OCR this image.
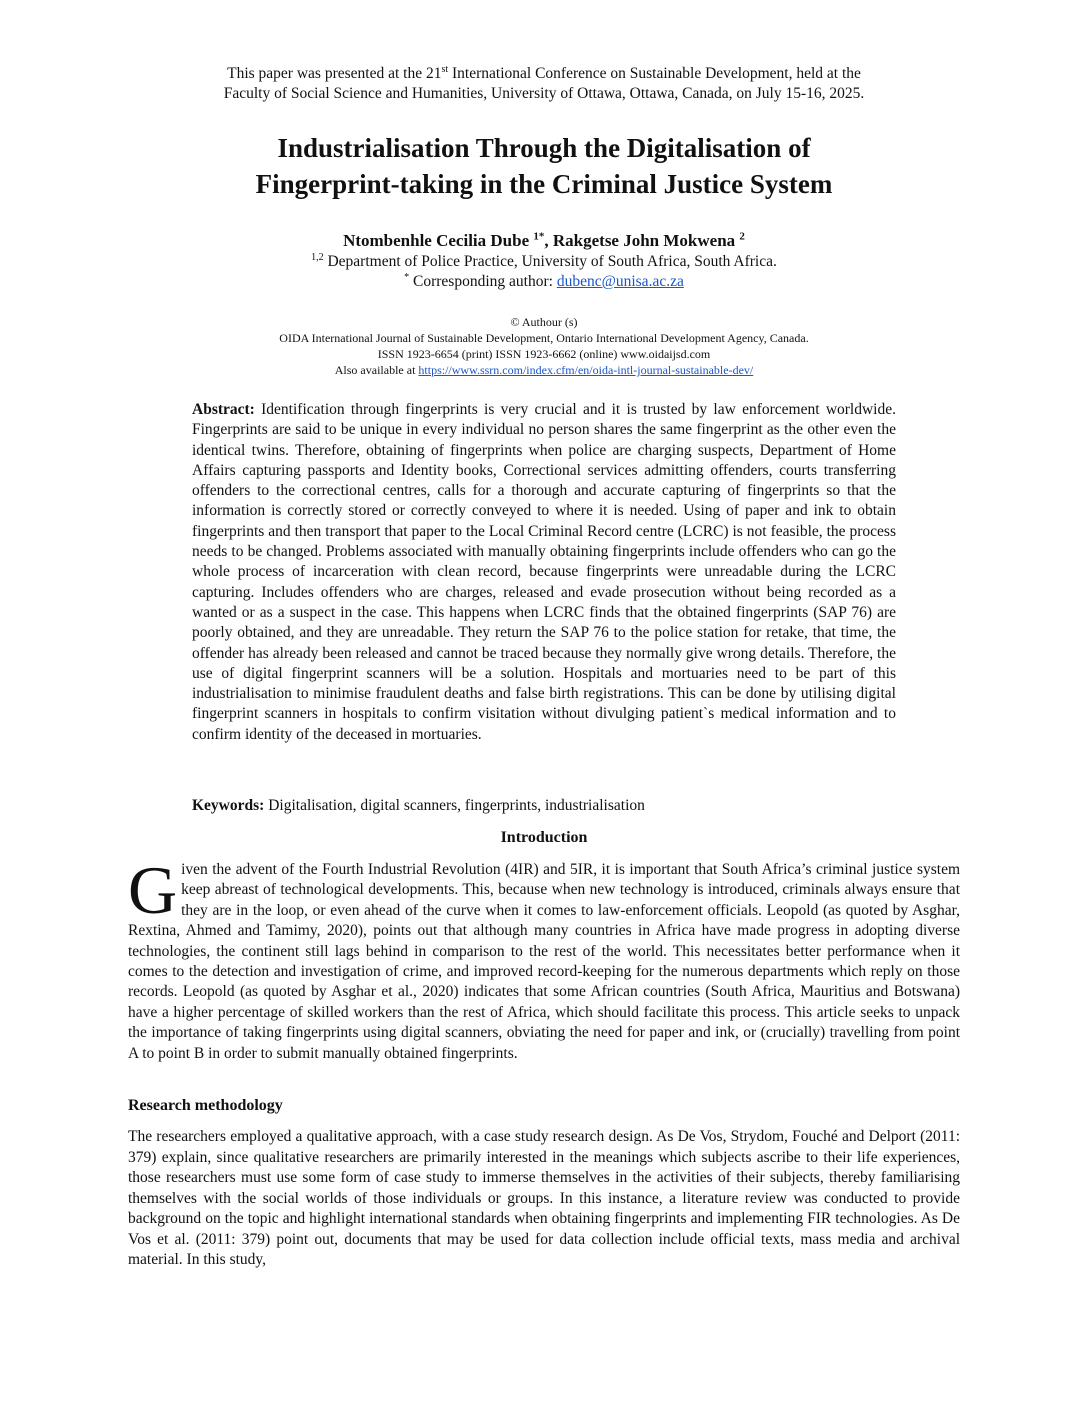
This paper was presented at the 21st International Conference on Sustainable Development, held at the
Faculty of Social Science and Humanities, University of Ottawa, Ottawa, Canada, on July 15-16, 2025.
Industrialisation Through the Digitalisation of
Fingerprint-taking in the Criminal Justice System
Ntombenhle Cecilia Dube $^{1*}$, Rakgetse John Mokwena $^2$
$^{1,2}$ Department of Police Practice, University of South Africa, South Africa.
* Corresponding author: dubenc@unisa.ac.za
© Authour (s)
OIDA International Journal of Sustainable Development, Ontario International Development Agency, Canada.
ISSN 1923-6654 (print) ISSN 1923-6662 (online) www.oidaijsd.com
Also available at https://www.ssrn.com/index.cfm/en/oida-intl-journal-sustainable-dev/

Abstract: Identification through fingerprints is very crucial and it is trusted by law enforcement worldwide. Fingerprints are said to be unique in every individual no person shares the same fingerprint as the other even the identical twins. Therefore, obtaining of fingerprints when police are charging suspects, Department of Home Affairs capturing passports and Identity books, Correctional services admitting offenders, courts transferring offenders to the correctional centres, calls for a thorough and accurate capturing of fingerprints so that the information is correctly stored or correctly conveyed to where it is needed. Using of paper and ink to obtain fingerprints and then transport that paper to the Local Criminal Record centre (LCRC) is not feasible, the process needs to be changed. Problems associated with manually obtaining fingerprints include offenders who can go the whole process of incarceration with clean record, because fingerprints were unreadable during the LCRC capturing. Includes offenders who are charges, released and evade prosecution without being recorded as a wanted or as a suspect in the case. This happens when LCRC finds that the obtained fingerprints (SAP 76) are poorly obtained, and they are unreadable. They return the SAP 76 to the police station for retake, that time, the offender has already been released and cannot be traced because they normally give wrong details. Therefore, the use of digital fingerprint scanners will be a solution. Hospitals and mortuaries need to be part of this industrialisation to minimise fraudulent deaths and false birth registrations. This can be done by utilising digital fingerprint scanners in hospitals to confirm visitation without divulging patient`s medical information and to confirm identity of the deceased in mortuaries.

Keywords: Digitalisation, digital scanners, fingerprints, industrialisation

Introduction

Given the advent of the Fourth Industrial Revolution (4IR) and 5IR, it is important that South Africa’s criminal justice system keep abreast of technological developments. This, because when new technology is introduced, criminals always ensure that they are in the loop, or even ahead of the curve when it comes to law-enforcement officials. Leopold (as quoted by Asghar, Rextina, Ahmed and Tamimy, 2020), points out that although many countries in Africa have made progress in adopting diverse technologies, the continent still lags behind in comparison to the rest of the world. This necessitates better performance when it comes to the detection and investigation of crime, and improved record-keeping for the numerous departments which reply on those records. Leopold (as quoted by Asghar et al., 2020) indicates that some African countries (South Africa, Mauritius and Botswana) have a higher percentage of skilled workers than the rest of Africa, which should facilitate this process. This article seeks to unpack the importance of taking fingerprints using digital scanners, obviating the need for paper and ink, or (crucially) travelling from point A to point B in order to submit manually obtained fingerprints.

Research methodology

The researchers employed a qualitative approach, with a case study research design. As De Vos, Strydom, Fouché and Delport (2011: 379) explain, since qualitative researchers are primarily interested in the meanings which subjects ascribe to their life experiences, those researchers must use some form of case study to immerse themselves in the activities of their subjects, thereby familiarising themselves with the social worlds of those individuals or groups. In this instance, a literature review was conducted to provide background on the topic and highlight international standards when obtaining fingerprints and implementing FIR technologies. As De Vos et al. (2011: 379) point out, documents that may be used for data collection include official texts, mass media and archival material. In this study,
